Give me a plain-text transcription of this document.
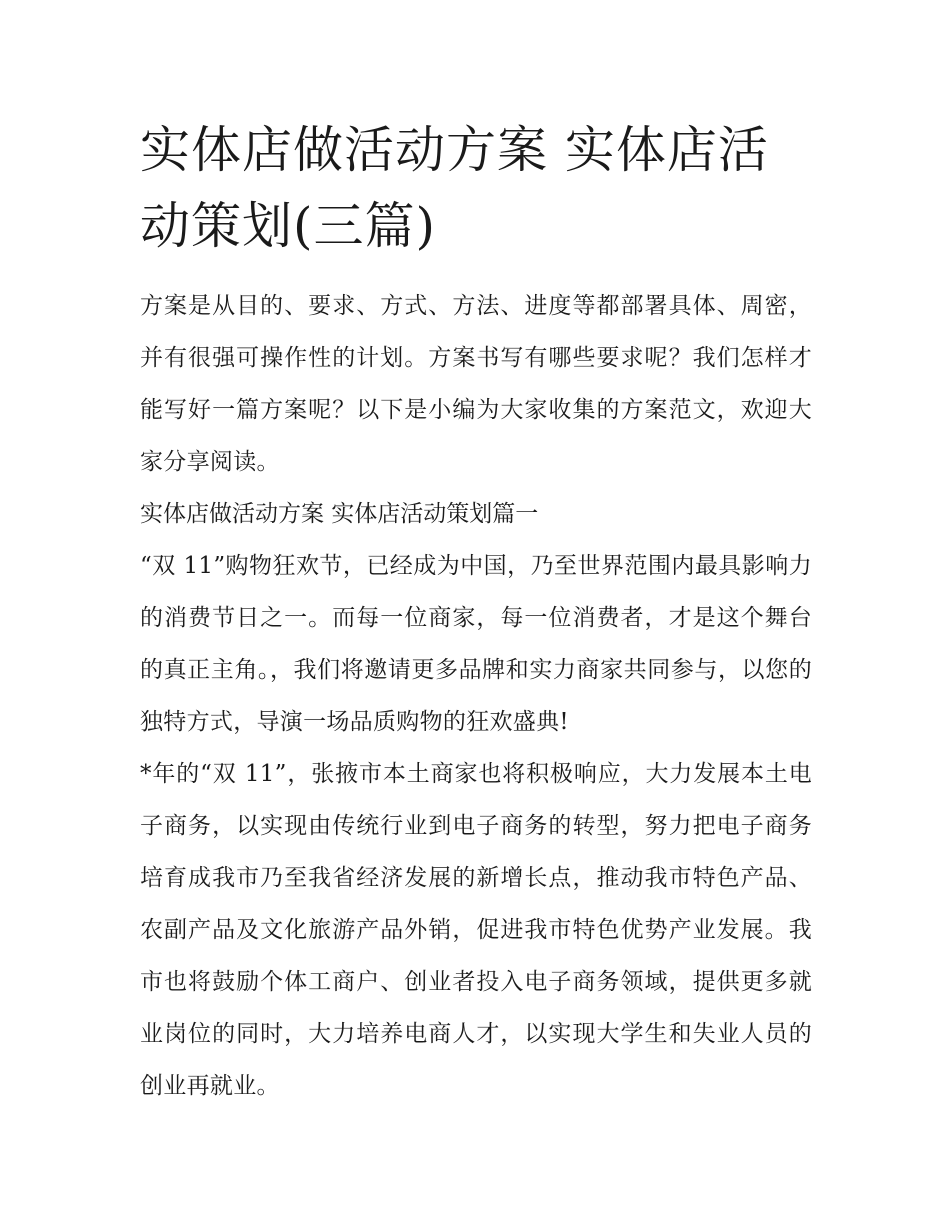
实体店做活动方案 实体店活动策划(三篇)

方案是从目的、要求、方式、方法、进度等都部署具体、周密，并有很强可操作性的计划。方案书写有哪些要求呢？我们怎样才能写好一篇方案呢？以下是小编为大家收集的方案范文，欢迎大家分享阅读。

实体店做活动方案 实体店活动策划篇一

“双 11”购物狂欢节，已经成为中国，乃至世界范围内最具影响力的消费节日之一。而每一位商家，每一位消费者，才是这个舞台的真正主角。，我们将邀请更多品牌和实力商家共同参与，以您的独特方式，导演一场品质购物的狂欢盛典!

*年的“双 11”，张掖市本土商家也将积极响应，大力发展本土电子商务，以实现由传统行业到电子商务的转型，努力把电子商务培育成我市乃至我省经济发展的新增长点，推动我市特色产品、农副产品及文化旅游产品外销，促进我市特色优势产业发展。我市也将鼓励个体工商户、创业者投入电子商务领域，提供更多就业岗位的同时，大力培养电商人才，以实现大学生和失业人员的创业再就业。
